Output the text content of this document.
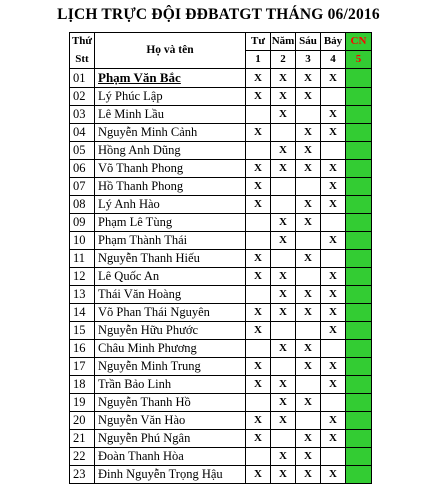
LỊCH TRỰC ĐỘI ĐĐBATGT THÁNG 06/2016
Thứ	Họ và tên	Tư	Năm	Sáu	Bảy	CN
Stt		1	2	3	4	5
01	Phạm Văn Bắc	X	X	X	X	
02	Lý Phúc Lập	X	X	X		
03	Lê Minh Lầu		X		X	
04	Nguyễn Minh Cảnh	X		X	X	
05	Hồng Anh Dũng		X	X		
06	Võ Thanh Phong	X	X	X	X	
07	Hồ Thanh Phong	X			X	
08	Lý Anh Hào	X		X	X	
09	Phạm Lê Tùng		X	X		
10	Phạm Thành Thái		X		X	
11	Nguyễn Thanh Hiếu	X		X		
12	Lê Quốc An	X	X		X	
13	Thái Văn Hoàng		X	X	X	
14	Võ Phan Thái Nguyên	X	X	X	X	
15	Nguyễn Hữu Phước	X			X	
16	Châu Minh Phương		X	X		
17	Nguyễn Minh Trung	X		X	X	
18	Trần Bảo Linh	X	X		X	
19	Nguyễn Thanh Hồ		X	X		
20	Nguyễn Văn Hào	X	X		X	
21	Nguyễn Phú Ngân	X		X	X	
22	Đoàn Thanh Hòa		X	X		
23	Đinh Nguyễn Trọng Hậu	X	X	X	X	
